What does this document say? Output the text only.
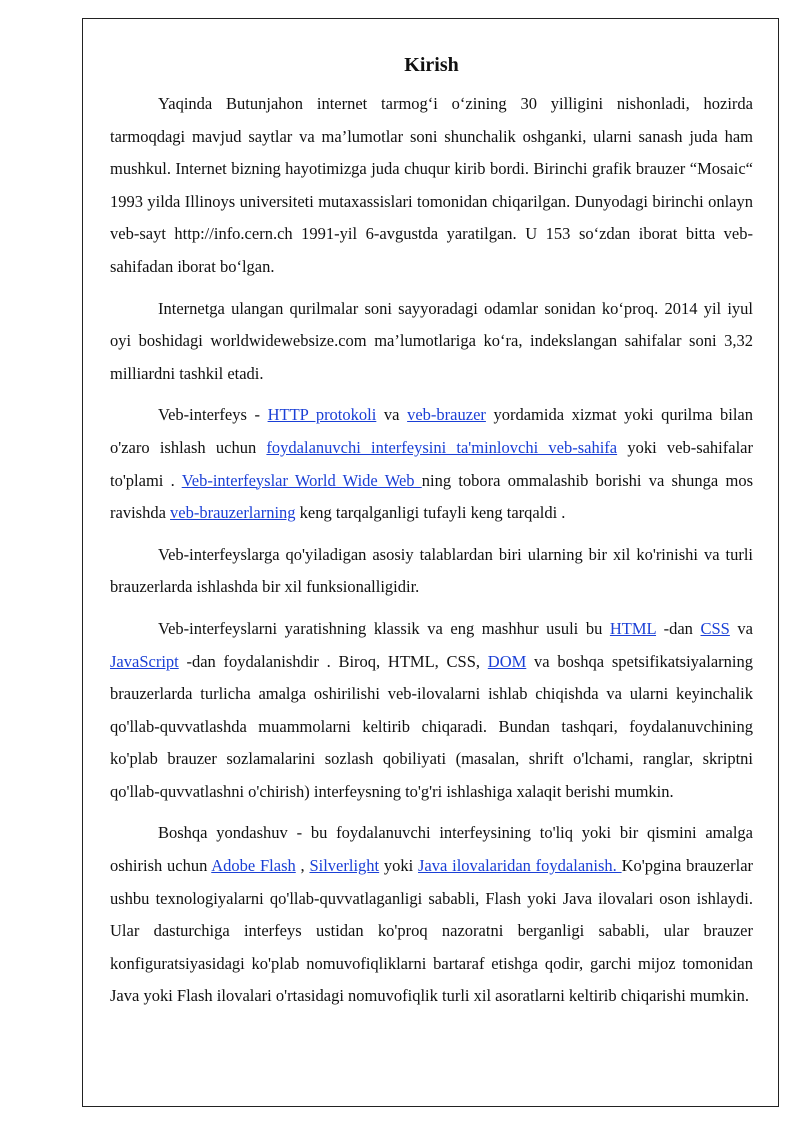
Kirish

Yaqinda Butunjahon internet tarmog‘i o‘zining 30 yilligini nishonladi, hozirda tarmoqdagi mavjud saytlar va ma’lumotlar soni shunchalik oshganki, ularni sanash juda ham mushkul. Internet bizning hayotimizga juda chuqur kirib bordi. Birinchi grafik brauzer “Mosaic“ 1993 yilda Illinoys universiteti mutaxassislari tomonidan chiqarilgan. Dunyodagi birinchi onlayn veb-sayt http://info.cern.ch 1991-yil 6-avgustda yaratilgan. U 153 so‘zdan iborat bitta veb-sahifadan iborat bo‘lgan.

Internetga ulangan qurilmalar soni sayyoradagi odamlar sonidan ko‘proq. 2014 yil iyul oyi boshidagi worldwidewebsize.com ma’lumotlariga ko‘ra, indekslangan sahifalar soni 3,32 milliardni tashkil etadi.

Veb-interfeys - HTTP protokoli va veb-brauzer yordamida xizmat yoki qurilma bilan o'zaro ishlash uchun foydalanuvchi interfeysini ta'minlovchi veb-sahifa yoki veb-sahifalar to'plami . Veb-interfeyslar World Wide Web ning tobora ommalashib borishi va shunga mos ravishda veb-brauzerlarning keng tarqalganligi tufayli keng tarqaldi .

Veb-interfeyslarga qo'yiladigan asosiy talablardan biri ularning bir xil ko'rinishi va turli brauzerlarda ishlashda bir xil funksionalligidir.

Veb-interfeyslarni yaratishning klassik va eng mashhur usuli bu HTML -dan CSS va JavaScript -dan foydalanishdir . Biroq, HTML, CSS, DOM va boshqa spetsifikatsiyalarning brauzerlarda turlicha amalga oshirilishi veb-ilovalarni ishlab chiqishda va ularni keyinchalik qo'llab-quvvatlashda muammolarni keltirib chiqaradi. Bundan tashqari, foydalanuvchining ko'plab brauzer sozlamalarini sozlash qobiliyati (masalan, shrift o'lchami, ranglar, skriptni qo'llab-quvvatlashni o'chirish) interfeysning to'g'ri ishlashiga xalaqit berishi mumkin.

Boshqa yondashuv - bu foydalanuvchi interfeysining to'liq yoki bir qismini amalga oshirish uchun Adobe Flash , Silverlight yoki Java ilovalaridan foydalanish. Ko'pgina brauzerlar ushbu texnologiyalarni qo'llab-quvvatlaganligi sababli, Flash yoki Java ilovalari oson ishlaydi. Ular dasturchiga interfeys ustidan ko'proq nazoratni berganligi sababli, ular brauzer konfiguratsiyasidagi ko'plab nomuvofiqliklarni bartaraf etishga qodir, garchi mijoz tomonidan Java yoki Flash ilovalari o'rtasidagi nomuvofiqlik turli xil asoratlarni keltirib chiqarishi mumkin.
